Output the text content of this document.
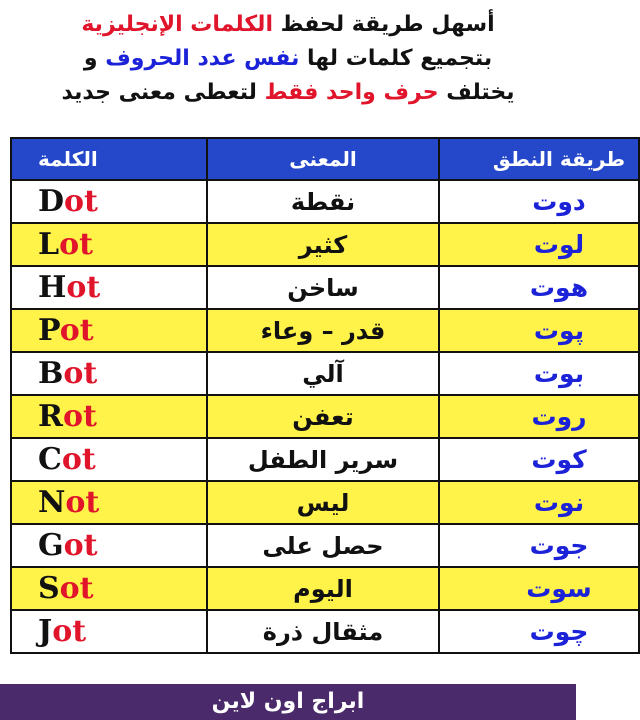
أسهل طريقة لحفظ الكلمات الإنجليزية
بتجميع كلمات لها نفس عدد الحروف و
يختلف حرف واحد فقط لتعطى معنى جديد
الكلمة	المعنى	طريقة النطق
Dot	نقطة	دوت
Lot	كثير	لوت
Hot	ساخن	هوت
Pot	قدر – وعاء	پوت
Bot	آلي	بوت
Rot	تعفن	روت
Cot	سرير الطفل	كوت
Not	ليس	نوت
Got	حصل على	جوت
Sot	اليوم	سوت
Jot	مثقال ذرة	چوت
ابراج اون لاين
